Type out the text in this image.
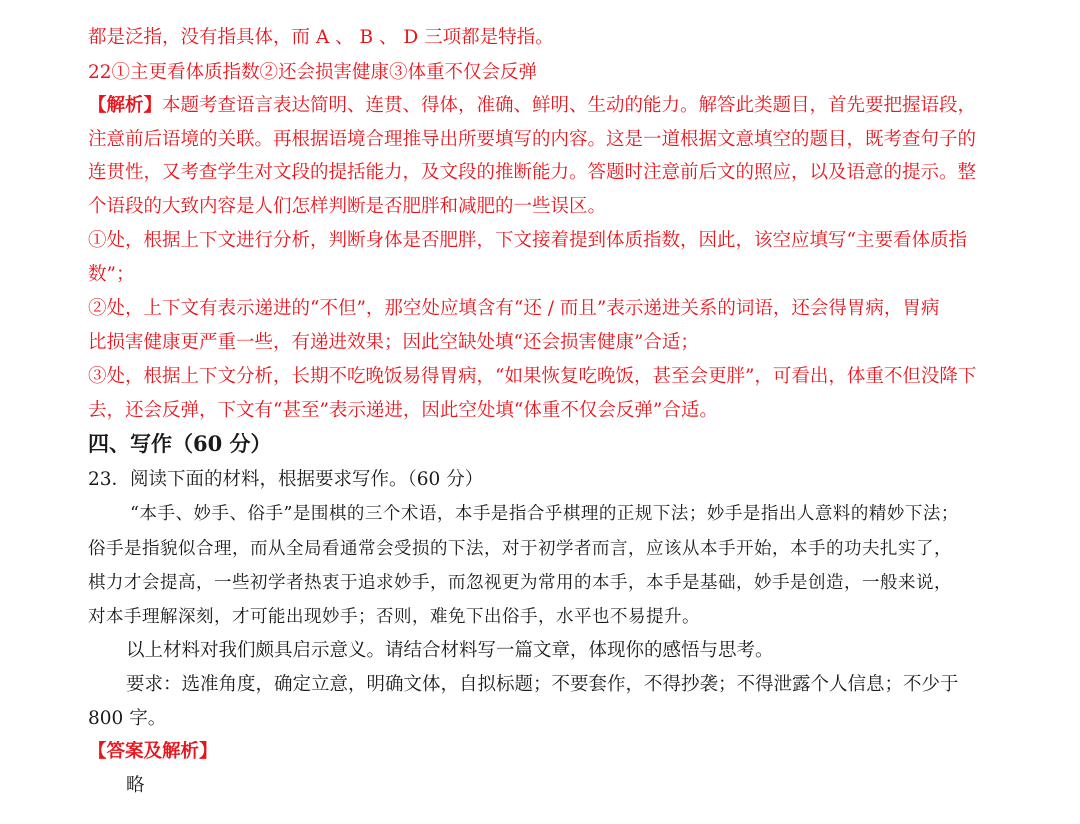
都是泛指，没有指具体，而 A 、 B 、 D 三项都是特指。
22①主更看体质指数②还会损害健康③体重不仅会反弹
【解析】本题考查语言表达简明、连贯、得体，准确、鲜明、生动的能力。解答此类题目，首先要把握语段，
注意前后语境的关联。再根据语境合理推导出所要填写的内容。这是一道根据文意填空的题目，既考查句子的
连贯性，又考查学生对文段的提括能力，及文段的推断能力。答题时注意前后文的照应，以及语意的提示。整
个语段的大致内容是人们怎样判断是否肥胖和减肥的一些误区。
①处，根据上下文进行分析，判断身体是否肥胖，下文接着提到体质指数，因此，该空应填写“主要看体质指
数”；
②处，上下文有表示递进的“不但”，那空处应填含有“还 / 而且”表示递进关系的词语，还会得胃病，胃病
比损害健康更严重一些，有递进效果；因此空缺处填“还会损害健康”合适；
③处，根据上下文分析，长期不吃晚饭易得胃病，“如果恢复吃晚饭，甚至会更胖”，可看出，体重不但没降下
去，还会反弹，下文有“甚至”表示递进，因此空处填“体重不仅会反弹”合适。
四、写作（60 分）
23．阅读下面的材料，根据要求写作。（60 分）
“本手、妙手、俗手”是围棋的三个术语，本手是指合乎棋理的正规下法；妙手是指出人意料的精妙下法；
俗手是指貌似合理，而从全局看通常会受损的下法，对于初学者而言，应该从本手开始，本手的功夫扎实了，
棋力才会提高，一些初学者热衷于追求妙手，而忽视更为常用的本手，本手是基础，妙手是创造，一般来说，
对本手理解深刻，才可能出现妙手；否则，难免下出俗手，水平也不易提升。
以上材料对我们颇具启示意义。请结合材料写一篇文章，体现你的感悟与思考。
要求：选准角度，确定立意，明确文体，自拟标题；不要套作，不得抄袭；不得泄露个人信息；不少于
800 字。
【答案及解析】
略
